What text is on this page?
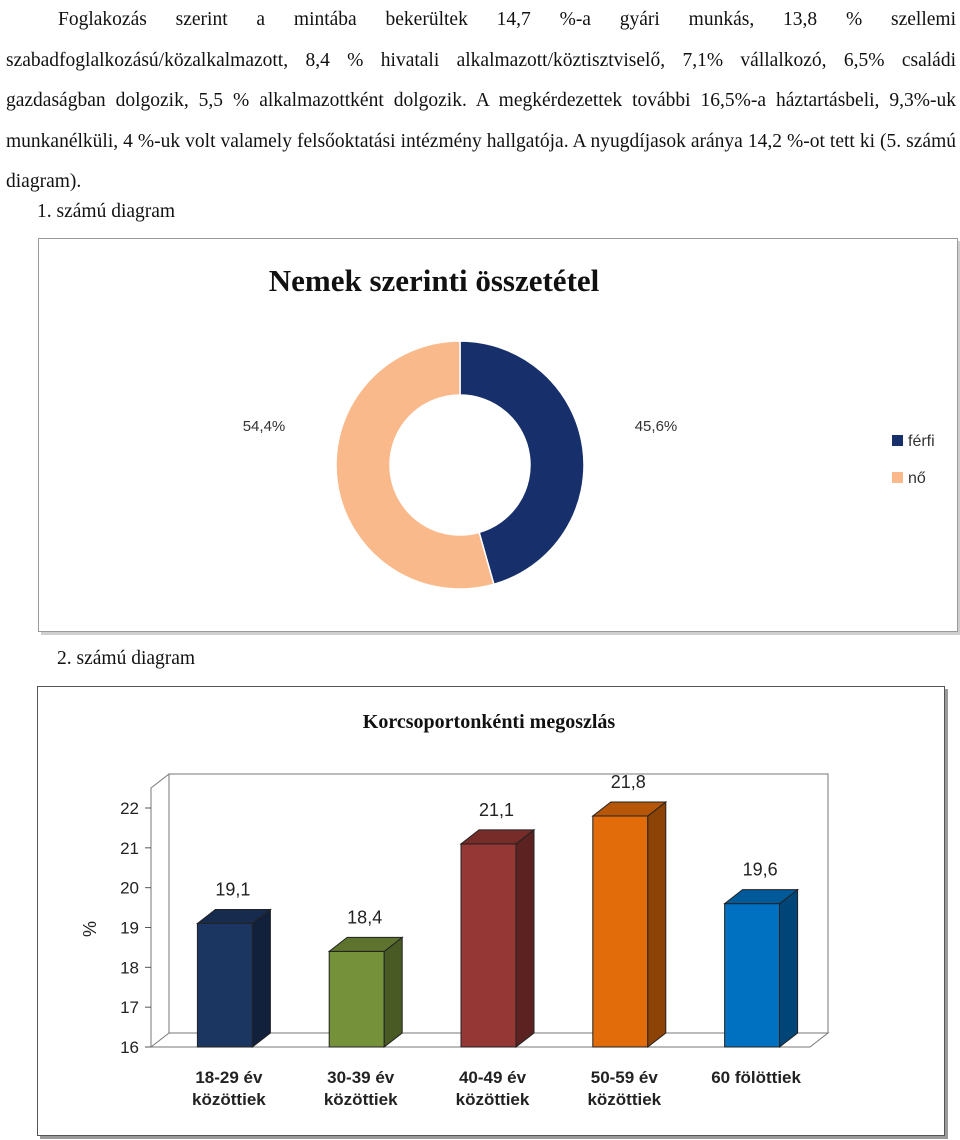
Foglakozás szerint a mintába bekerültek 14,7 %-a gyári munkás, 13,8 % szellemi szabadfoglalkozású/közalkalmazott, 8,4 % hivatali alkalmazott/köztisztviselő, 7,1% vállalkozó, 6,5% családi gazdaságban dolgozik, 5,5 % alkalmazottként dolgozik. A megkérdezettek további 16,5%-a háztartásbeli, 9,3%-uk munkanélküli, 4 %-uk volt valamely felsőoktatási intézmény hallgatója. A nyugdíjasok aránya 14,2 %-ot tett ki (5. számú diagram).

1. számú diagram

Nemek szerinti összetétel
45,6%
54,4%
férfi
nő

2. számú diagram

Korcsoportonkénti megoszlás
16
17
18
19
20
21
22
%
19,1
18-29 év közöttiek
18,4
30-39 év közöttiek
21,1
40-49 év közöttiek
21,8
50-59 év közöttiek
19,6
60 fölöttiek
